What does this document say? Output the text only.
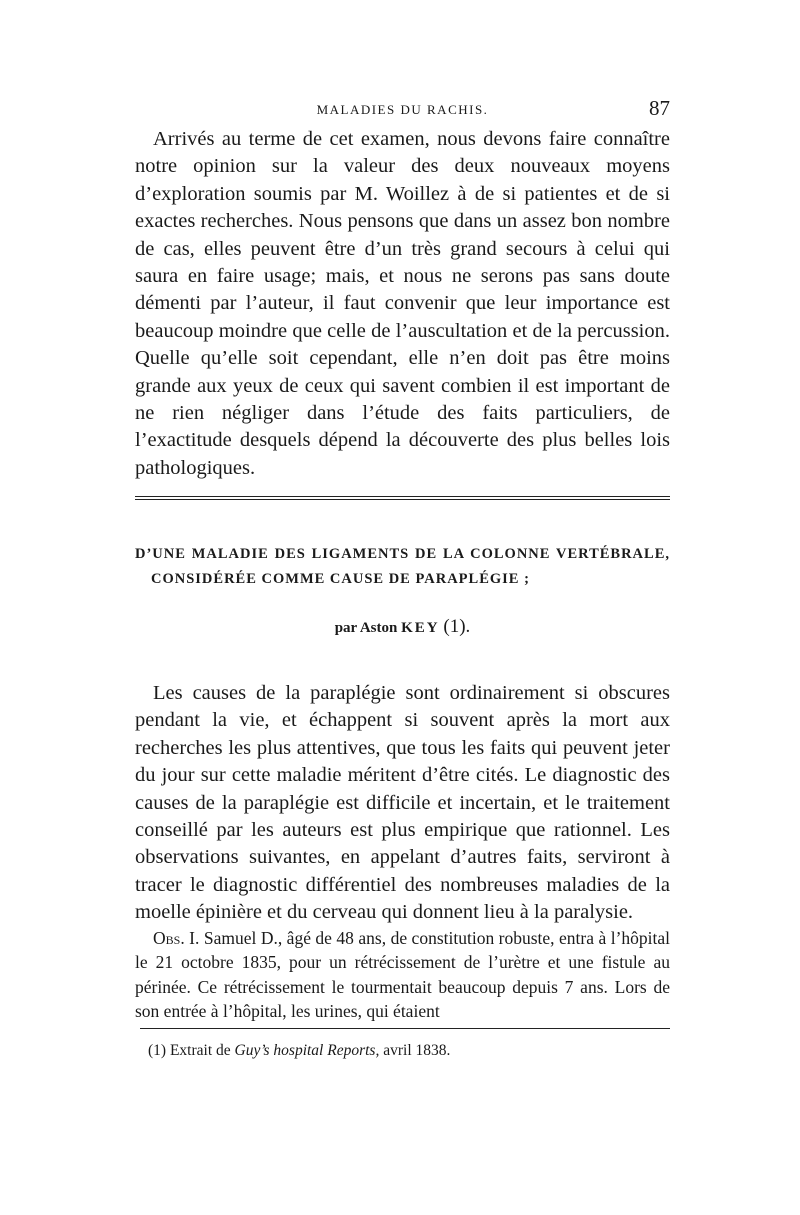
MALADIES DU RACHIS.	87

Arrivés au terme de cet examen, nous devons faire connaître notre opinion sur la valeur des deux nouveaux moyens d’exploration soumis par M. Woillez à de si patientes et de si exactes recherches. Nous pensons que dans un assez bon nombre de cas, elles peuvent être d’un très grand secours à celui qui saura en faire usage; mais, et nous ne serons pas sans doute démenti par l’auteur, il faut convenir que leur importance est beaucoup moindre que celle de l’auscultation et de la percussion. Quelle qu’elle soit cependant, elle n’en doit pas être moins grande aux yeux de ceux qui savent combien il est important de ne rien négliger dans l’étude des faits particuliers, de l’exactitude desquels dépend la découverte des plus belles lois pathologiques.

D’UNE MALADIE DES LIGAMENTS DE LA COLONNE VERTÉBRALE,
CONSIDÉRÉE COMME CAUSE DE PARAPLÉGIE ;

par Aston KEY (1).

Les causes de la paraplégie sont ordinairement si obscures pendant la vie, et échappent si souvent après la mort aux recherches les plus attentives, que tous les faits qui peuvent jeter du jour sur cette maladie méritent d’être cités. Le diagnostic des causes de la paraplégie est difficile et incertain, et le traitement conseillé par les auteurs est plus empirique que rationnel. Les observations suivantes, en appelant d’autres faits, serviront à tracer le diagnostic différentiel des nombreuses maladies de la moelle épinière et du cerveau qui donnent lieu à la paralysie.

Obs. I. Samuel D., âgé de 48 ans, de constitution robuste, entra à l’hôpital le 21 octobre 1835, pour un rétrécissement de l’urètre et une fistule au périnée. Ce rétrécissement le tourmentait beaucoup depuis 7 ans. Lors de son entrée à l’hôpital, les urines, qui étaient

(1) Extrait de Guy’s hospital Reports, avril 1838.
